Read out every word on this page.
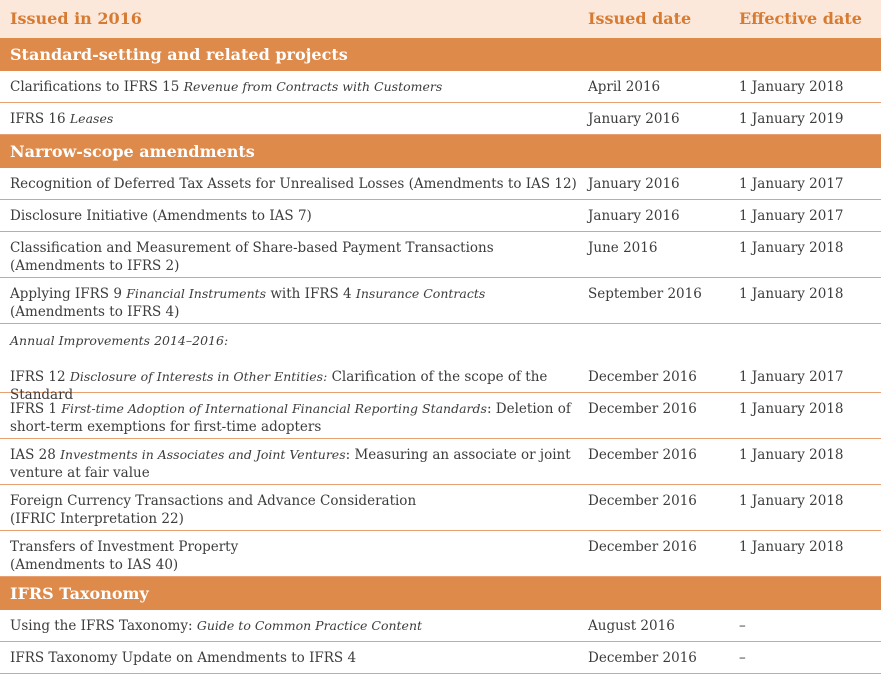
Issued in 2016	Issued date	Effective date
Standard-setting and related projects
Clarifications to IFRS 15 Revenue from Contracts with Customers	April 2016	1 January 2018
IFRS 16 Leases	January 2016	1 January 2019
Narrow-scope amendments
Recognition of Deferred Tax Assets for Unrealised Losses (Amendments to IAS 12) January 2016	1 January 2017
Disclosure Initiative (Amendments to IAS 7)	January 2016	1 January 2017
Classification and Measurement of Share-based Payment Transactions
(Amendments to IFRS 2)
June 2016	1 January 2018
Applying IFRS 9 Financial Instruments with IFRS 4 Insurance Contracts
(Amendments to IFRS 4)
September 2016	1 January 2018
Annual Improvements 2014–2016:
IFRS 12 Disclosure of Interests in Other Entities: Clarification of the scope of the Standard
December 2016	1 January 2017
IFRS 1 First-time Adoption of International Financial Reporting Standards: Deletion of
short-term exemptions for first-time adopters
December 2016	1 January 2018
IAS 28 Investments in Associates and Joint Ventures: Measuring an associate or joint
venture at fair value
December 2016	1 January 2018
Foreign Currency Transactions and Advance Consideration
(IFRIC Interpretation 22)
December 2016	1 January 2018
Transfers of Investment Property
(Amendments to IAS 40)
December 2016	1 January 2018
IFRS Taxonomy
Using the IFRS Taxonomy: Guide to Common Practice Content	August 2016	–
IFRS Taxonomy Update on Amendments to IFRS 4	December 2016	–
